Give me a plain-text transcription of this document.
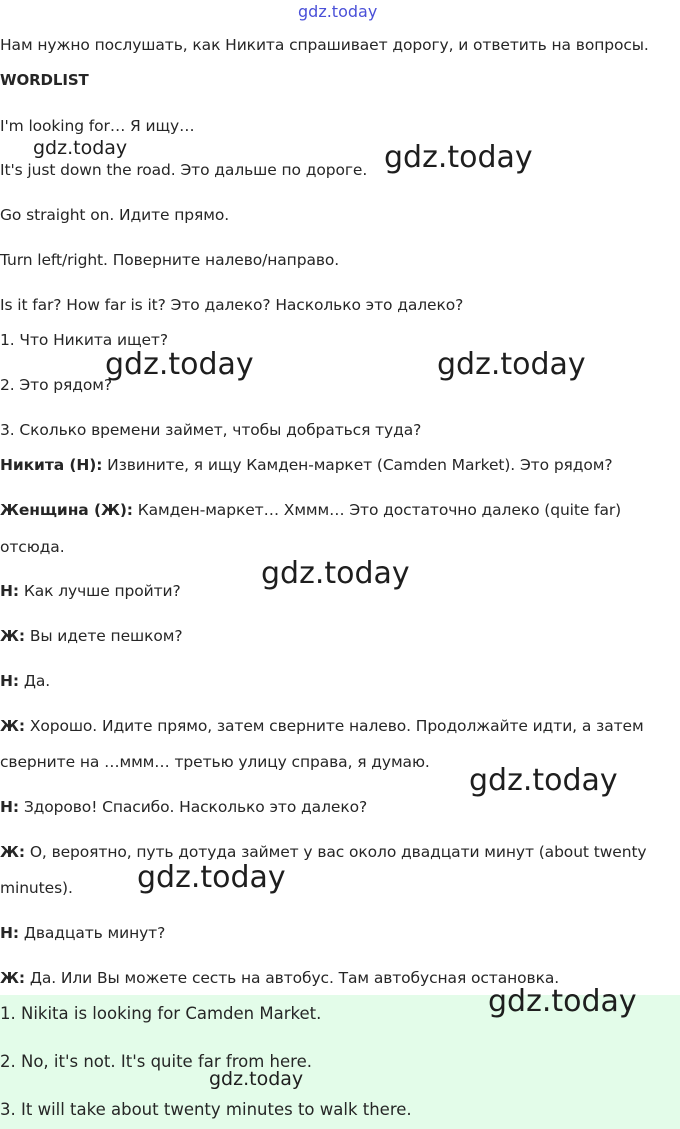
gdz.today
Нам нужно послушать, как Никита спрашивает дорогу, и ответить на вопросы.
WORDLIST
I'm looking for… Я ищу…
It's just down the road. Это дальше по дороге.
Go straight on. Идите прямо.
Turn left/right. Поверните налево/направо.
Is it far? How far is it? Это далеко? Насколько это далеко?
1. Что Никита ищет?
2. Это рядом?
3. Сколько времени займет, чтобы добраться туда?
Никита (Н): Извините, я ищу Камден-маркет (Camden Market). Это рядом?
Женщина (Ж): Камден-маркет… Хммм… Это достаточно далеко (quite far)
отсюда.
Н: Как лучше пройти?
Ж: Вы идете пешком?
Н: Да.
Ж: Хорошо. Идите прямо, затем сверните налево. Продолжайте идти, а затем
сверните на …ммм… третью улицу справа, я думаю.
Н: Здорово! Спасибо. Насколько это далеко?
Ж: О, вероятно, путь дотуда займет у вас около двадцати минут (about twenty
minutes).
Н: Двадцать минут?
Ж: Да. Или Вы можете сесть на автобус. Там автобусная остановка.
1. Nikita is looking for Camden Market.
2. No, it's not. It's quite far from here.
3. It will take about twenty minutes to walk there.
gdz.today	gdz.today
gdz.today	gdz.today
gdz.today
gdz.today
gdz.today
gdz.today
gdz.today
